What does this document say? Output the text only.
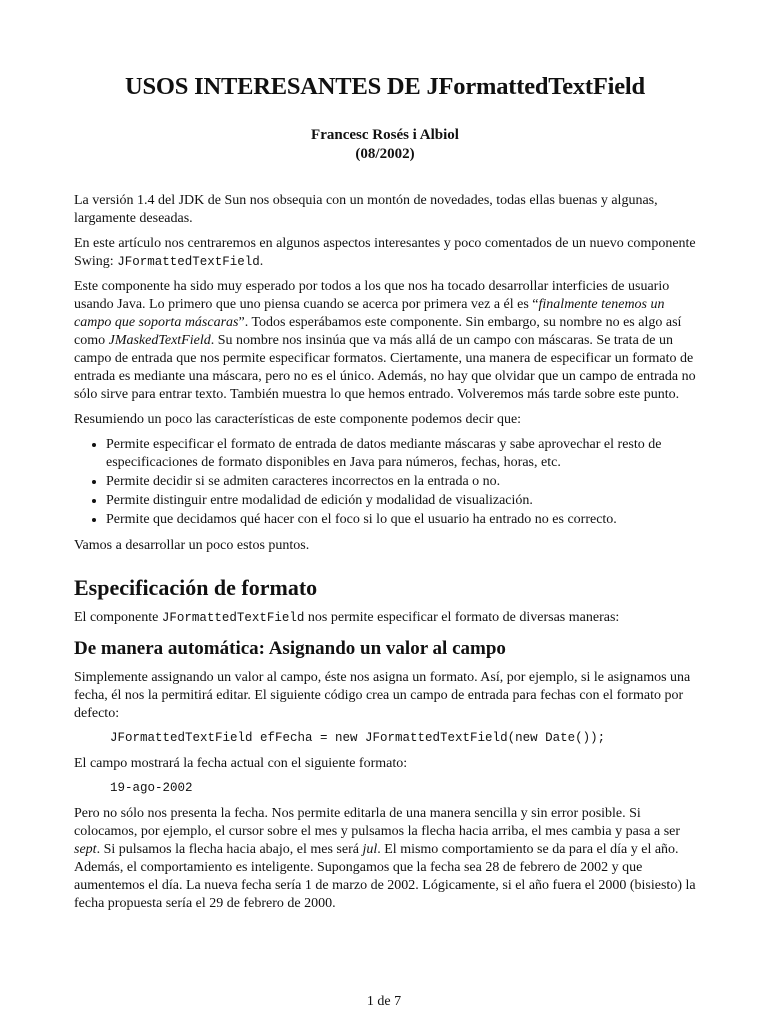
USOS INTERESANTES DE JFormattedTextField
Francesc Rosés i Albiol
(08/2002)

La versión 1.4 del JDK de Sun nos obsequia con un montón de novedades, todas ellas buenas y algunas, largamente deseadas.

En este artículo nos centraremos en algunos aspectos interesantes y poco comentados de un nuevo componente Swing: JFormattedTextField.

Este componente ha sido muy esperado por todos a los que nos ha tocado desarrollar interficies de usuario usando Java. Lo primero que uno piensa cuando se acerca por primera vez a él es “finalmente tenemos un campo que soporta máscaras”. Todos esperábamos este componente. Sin embargo, su nombre no es algo así como JMaskedTextField. Su nombre nos insinúa que va más allá de un campo con máscaras. Se trata de un campo de entrada que nos permite especificar formatos. Ciertamente, una manera de especificar un formato de entrada es mediante una máscara, pero no es el único. Además, no hay que olvidar que un campo de entrada no sólo sirve para entrar texto. También muestra lo que hemos entrado. Volveremos más tarde sobre este punto.

Resumiendo un poco las características de este componente podemos decir que:

• Permite especificar el formato de entrada de datos mediante máscaras y sabe aprovechar el resto de especificaciones de formato disponibles en Java para números, fechas, horas, etc.
• Permite decidir si se admiten caracteres incorrectos en la entrada o no.
• Permite distinguir entre modalidad de edición y modalidad de visualización.
• Permite que decidamos qué hacer con el foco si lo que el usuario ha entrado no es correcto.

Vamos a desarrollar un poco estos puntos.

Especificación de formato

El componente JFormattedTextField nos permite especificar el formato de diversas maneras:

De manera automática: Asignando un valor al campo

Simplemente assignando un valor al campo, éste nos asigna un formato. Así, por ejemplo, si le asignamos una fecha, él nos la permitirá editar. El siguiente código crea un campo de entrada para fechas con el formato por defecto:

JFormattedTextField efFecha = new JFormattedTextField(new Date());

El campo mostrará la fecha actual con el siguiente formato:

19-ago-2002

Pero no sólo nos presenta la fecha. Nos permite editarla de una manera sencilla y sin error posible. Si colocamos, por ejemplo, el cursor sobre el mes y pulsamos la flecha hacia arriba, el mes cambia y pasa a ser sept. Si pulsamos la flecha hacia abajo, el mes será jul. El mismo comportamiento se da para el día y el año. Además, el comportamiento es inteligente. Supongamos que la fecha sea 28 de febrero de 2002 y que aumentemos el día. La nueva fecha sería 1 de marzo de 2002. Lógicamente, si el año fuera el 2000 (bisiesto) la fecha propuesta sería el 29 de febrero de 2000.

1 de 7
